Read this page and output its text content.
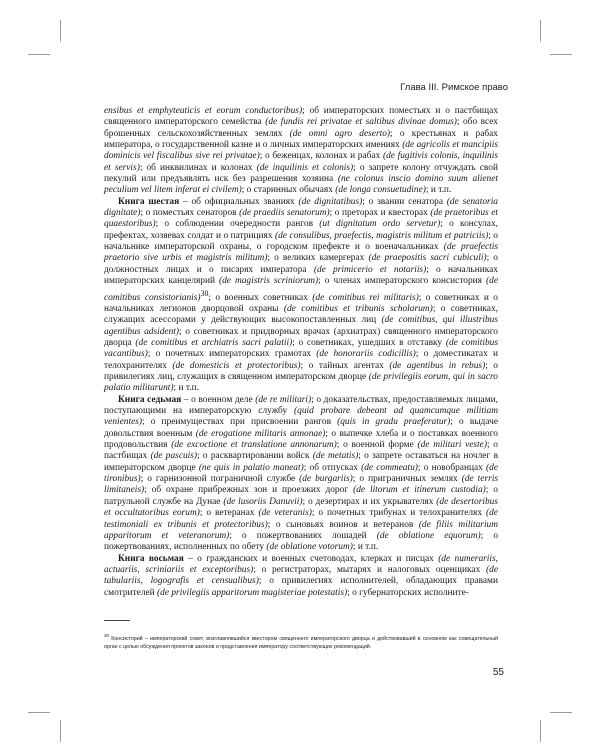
Глава III. Римское право

ensibus et emphyteuticis et eorum conductoribus); об императорских поместьях и о пастбищах священного императорского семейства (de fundis rei privatae et saltibus divinae domus); обо всех брошенных сельскохозяйственных землях (de omni agro deserto); о крестьянах и рабах императора, о государственной казне и о личных императорских имениях (de agricolis et mancipiis dominicis vel fiscalibus sive rei privatae); о беженцах, колонах и рабах (de fugitivis colonis, inquilinis et servis); об инквилинах и колонах (de inquilinis et colonis); о запрете колону отчуждать свой пекулий или предъявлять иск без разрешения хозяина (ne colonus inscio domino suum alienet peculium vel litem inferat ei civilem); о старинных обычаях (de longa consuetudine); и т.п.

Книга шестая – об официальных званиях (de dignitatibus); о звании сенатора (de senatoria dignitate); о поместьях сенаторов (de praediis senatorum); о преторах и квесторах (de praetoribus et quaestoribus); о соблюдении очередности рангов (ut dignitatum ordo servetur); о консулах, префектах, хозяевах солдат и о патрициях (de consulibus, praefectis, magistris militum et patriciis); о начальнике императорской охраны, о городском префекте и о военачальниках (de praefectis praetorio sive urbis et magistris militum); о великих камергерах (de praepositis sacri cubiculi); о должностных лицах и о писарях императора (de primicerio et notariis); о начальниках императорских канцелярий (de magistris scriniorum); о членах императорского консистория (de comitibus consistorianis)$^{30}$; о военных советниках (de comitibus rei militaris); о советниках и о начальниках легионов дворцовой охраны (de comitibus et tribunis scholarum); о советниках, служащих асессорами у действующих высокопоставленных лиц (de comitibus, qui illustribus agentibus adsident); о советниках и придворных врачах (архиатрах) священного императорского дворца (de comitibus et archiatris sacri palatii); о советниках, ушедших в отставку (de comitibus vacantibus); о почетных императорских грамотах (de honorariis codicillis); о доместикатах и телохранителях (de domesticis et protectoribus); о тайных агентах (de agentibus in rebus); о привилегиях лиц, служащих в священном императорском дворце (de privilegiis eorum, qui in sacro palatio militarunt); и т.п.

Книга седьмая – о военном деле (de re militari); о доказательствах, предоставляемых лицами, поступающими на императорскую службу (quid probare debeant ad quamcumque militiam venientes); о преимуществах при присвоении рангов (quis in gradu praeferatur); о выдаче довольствия военным (de erogatione militaris annonae); о выпечке хлеба и о поставках военного продовольствия (de excoctione et translatione annonarum); о военной форме (de militari veste); о пастбищах (de pascuis); о расквартировании войск (de metatis); о запрете оставаться на ночлег в императорском дворце (ne quis in palatio maneat); об отпусках (de commeatu); о новобранцах (de tironibus); о гарнизонной пограничной службе (de burgariis); о приграничных землях (de terris limitaneis); об охране прибрежных зон и проезжих дорог (de litorum et itinerum custodia); о патрульной службе на Дунае (de lusoriis Danuvii); о дезертирах и их укрывателях (de desertoribus et occultatoribus eorum); о ветеранах (de veteranis); о почетных трибунах и телохранителях (de testimoniali ex tribunis et protectoribus); о сыновьях воинов и ветеранов (de filiis militarium apparitorum et veteranorum); о пожертвованиях лошадей (de oblatione equorum); о пожертвованиях, исполненных по обету (de oblatione votorum); и т.п.

Книга восьмая – о гражданских и военных счетоводах, клерках и писцах (de numerariis, actuariis, scriniariis et exceptoribus); о регистраторах, мытарях и налоговых оценщиках (de tabulariis, logografis et censualibus); о привилегиях исполнителей, обладающих правами смотрителей (de privilegiis apparitorum magisteriae potestatis); о губернаторских исполните-

$^{30}$ Консисторий – императорский совет, возглавлявшийся квестором священного императорского дворца и действовавший в основном как совещательный орган с целью обсуждения проектов законов и представления императору соответствующих рекомендаций.
55
